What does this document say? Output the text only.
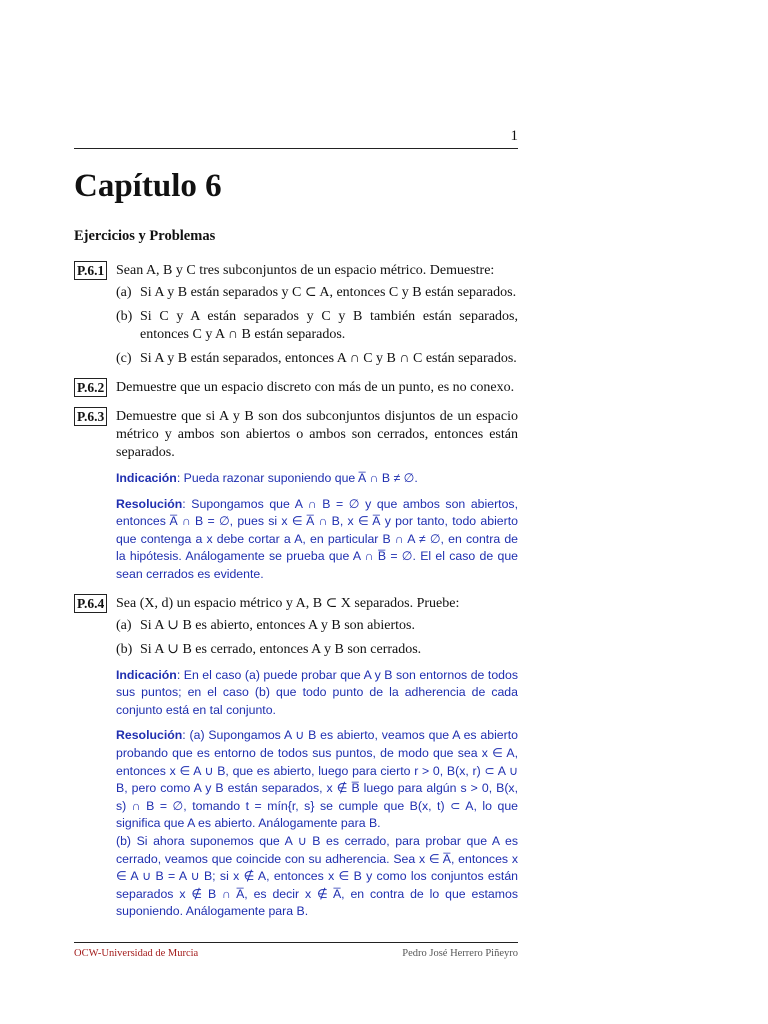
1
Capítulo 6
Ejercicios y Problemas
P.6.1 Sean A, B y C tres subconjuntos de un espacio métrico. Demuestre:
(a) Si A y B están separados y C ⊂ A, entonces C y B están separados.
(b) Si C y A están separados y C y B también están separados, entonces C y A ∩ B están separados.
(c) Si A y B están separados, entonces A ∩ C y B ∩ C están separados.
P.6.2 Demuestre que un espacio discreto con más de un punto, es no conexo.
P.6.3 Demuestre que si A y B son dos subconjuntos disjuntos de un espacio métrico y ambos son abiertos o ambos son cerrados, entonces están separados.
Indicación: Pueda razonar suponiendo que A̅ ∩ B ≠ ∅.
Resolución: Supongamos que A ∩ B = ∅ y que ambos son abiertos, entonces A̅ ∩ B = ∅, pues si x ∈ A̅ ∩ B, x ∈ A̅ y por tanto, todo abierto que contenga a x debe cortar a A, en particular B ∩ A ≠ ∅, en contra de la hipótesis. Análogamente se prueba que A ∩ B̅ = ∅. El el caso de que sean cerrados es evidente.
P.6.4 Sea (X, d) un espacio métrico y A, B ⊂ X separados. Pruebe:
(a) Si A ∪ B es abierto, entonces A y B son abiertos.
(b) Si A ∪ B es cerrado, entonces A y B son cerrados.
Indicación: En el caso (a) puede probar que A y B son entornos de todos sus puntos; en el caso (b) que todo punto de la adherencia de cada conjunto está en tal conjunto.
Resolución: (a) Supongamos A ∪ B es abierto, veamos que A es abierto probando que es entorno de todos sus puntos, de modo que sea x ∈ A, entonces x ∈ A ∪ B, que es abierto, luego para cierto r > 0, B(x, r) ⊂ A ∪ B, pero como A y B están separados, x ∉ B̅ luego para algún s > 0, B(x, s) ∩ B = ∅, tomando t = mín{r, s} se cumple que B(x, t) ⊂ A, lo que significa que A es abierto. Análogamente para B.
(b) Si ahora suponemos que A ∪ B es cerrado, para probar que A es cerrado, veamos que coincide con su adherencia. Sea x ∈ A̅, entonces x ∈ A ∪ B = A ∪ B; si x ∉ A, entonces x ∈ B y como los conjuntos están separados x ∉ B ∩ A̅, es decir x ∉ A̅, en contra de lo que estamos suponiendo. Análogamente para B.
OCW-Universidad de Murcia	Pedro José Herrero Piñeyro
